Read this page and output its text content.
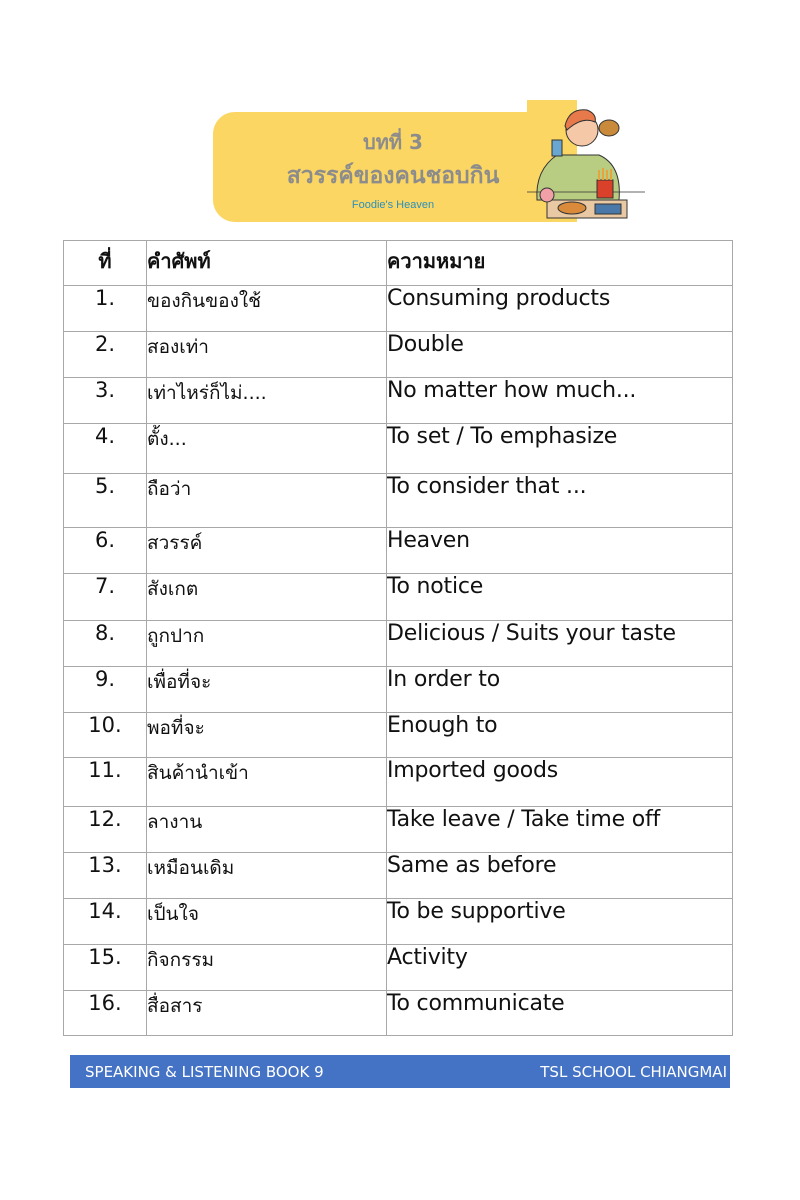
บทที่ 3
สวรรค์ของคนชอบกิน
Foodie's Heaven
ที่	คำศัพท์	ความหมาย
1.	ของกินของใช้	Consuming products
2.	สองเท่า	Double
3.	เท่าไหร่ก็ไม่....	No matter how much...
4.	ตั้ง...	To set / To emphasize
5.	ถือว่า	To consider that ...
6.	สวรรค์	Heaven
7.	สังเกต	To notice
8.	ถูกปาก	Delicious / Suits your taste
9.	เพื่อที่จะ	In order to
10.	พอที่จะ	Enough to
11.	สินค้านำเข้า	Imported goods
12.	ลางาน	Take leave / Take time off
13.	เหมือนเดิม	Same as before
14.	เป็นใจ	To be supportive
15.	กิจกรรม	Activity
16.	สื่อสาร	To communicate
SPEAKING & LISTENING BOOK 9	TSL SCHOOL CHIANGMAI
